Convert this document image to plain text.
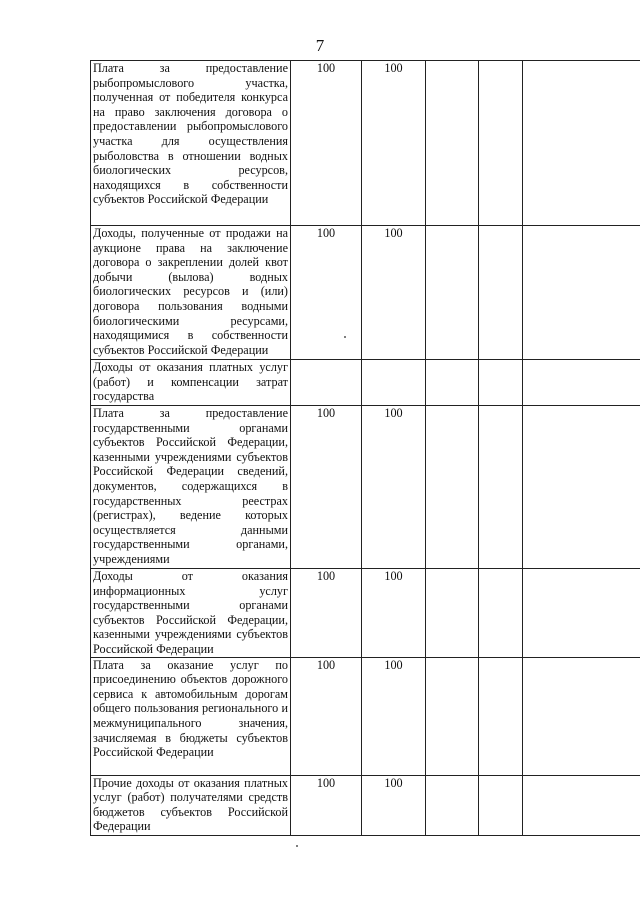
7
Плата за предоставление рыбопромыслового участка, полученная от победителя конкурса на право заключения договора о предоставлении рыбопромыслового участка для осуществления рыболовства в отношении водных биологических ресурсов, находящихся в собственности субъектов Российской Федерации	100	100			
Доходы, полученные от продажи на аукционе права на заключение договора о закреплении долей квот добычи (вылова) водных биологических ресурсов и (или) договора пользования водными биологическими ресурсами, находящимися в собственности субъектов Российской Федерации	100	100			
Доходы от оказания платных услуг (работ) и компенсации затрат государства					
Плата за предоставление государственными органами субъектов Российской Федерации, казенными учреждениями субъектов Российской Федерации сведений, документов, содержащихся в государственных реестрах (регистрах), ведение которых осуществляется данными государственными органами, учреждениями	100	100			
Доходы от оказания информационных услуг государственными органами субъектов Российской Федерации, казенными учреждениями субъектов Российской Федерации	100	100			
Плата за оказание услуг по присоединению объектов дорожного сервиса к автомобильным дорогам общего пользования регионального и межмуниципального значения, зачисляемая в бюджеты субъектов Российской Федерации	100	100			
Прочие доходы от оказания платных услуг (работ) получателями средств бюджетов субъектов Российской Федерации	100	100			
